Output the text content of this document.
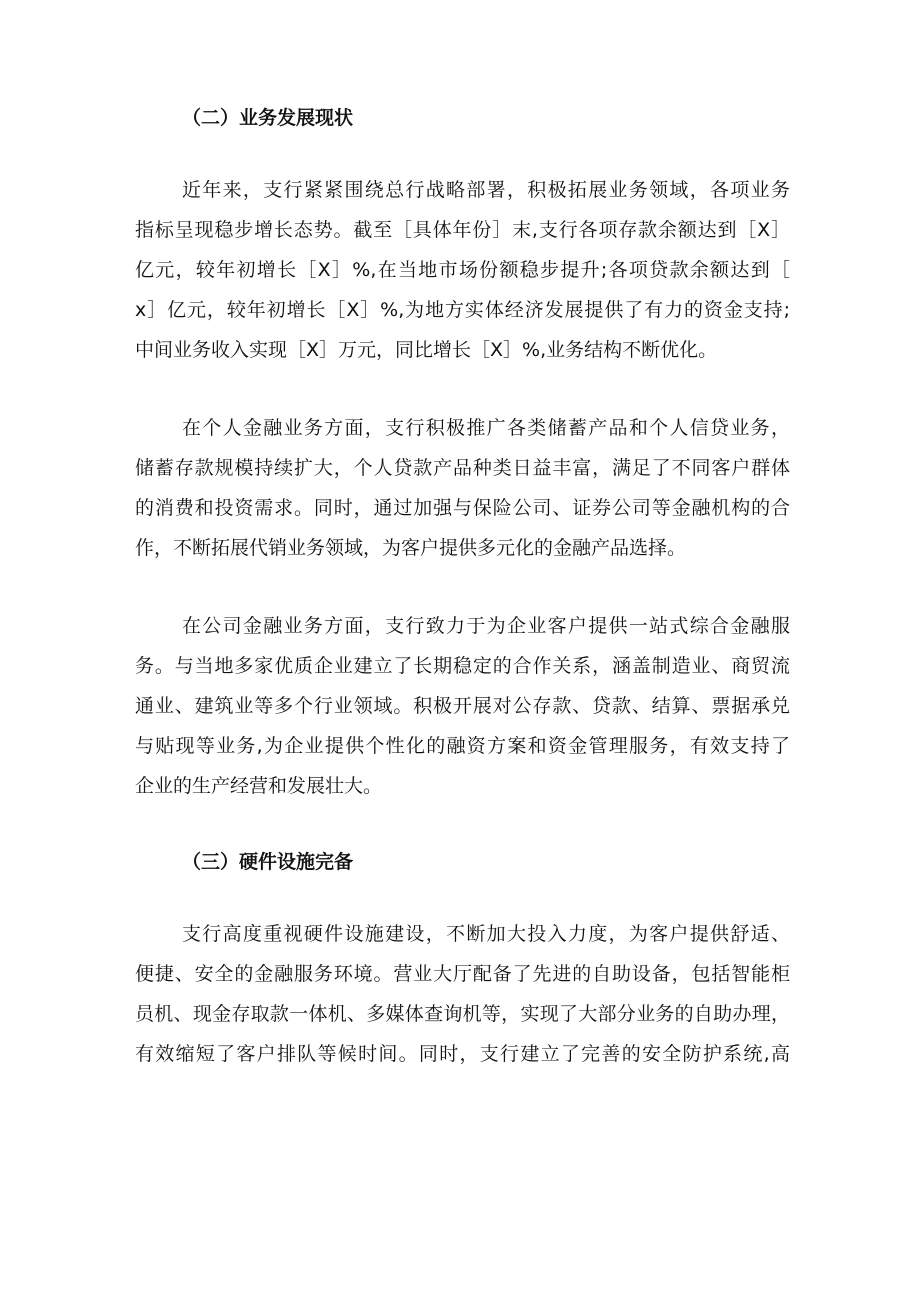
（二）业务发展现状
近年来，支行紧紧围绕总行战略部署，积极拓展业务领域，各项业务
指标呈现稳步增长态势。截至［具体年份］末,支行各项存款余额达到［X］
亿元，较年初增长［X］%,在当地市场份额稳步提升;各项贷款余额达到［
x］亿元，较年初增长［X］%,为地方实体经济发展提供了有力的资金支持;
中间业务收入实现［X］万元，同比增长［X］%,业务结构不断优化。
在个人金融业务方面，支行积极推广各类储蓄产品和个人信贷业务，
储蓄存款规模持续扩大，个人贷款产品种类日益丰富，满足了不同客户群体
的消费和投资需求。同时，通过加强与保险公司、证券公司等金融机构的合
作，不断拓展代销业务领域，为客户提供多元化的金融产品选择。
在公司金融业务方面，支行致力于为企业客户提供一站式综合金融服
务。与当地多家优质企业建立了长期稳定的合作关系，涵盖制造业、商贸流
通业、建筑业等多个行业领域。积极开展对公存款、贷款、结算、票据承兑
与贴现等业务,为企业提供个性化的融资方案和资金管理服务，有效支持了
企业的生产经营和发展壮大。
（三）硬件设施完备
支行高度重视硬件设施建设，不断加大投入力度，为客户提供舒适、
便捷、安全的金融服务环境。营业大厅配备了先进的自助设备，包括智能柜
员机、现金存取款一体机、多媒体查询机等，实现了大部分业务的自助办理，
有效缩短了客户排队等候时间。同时，支行建立了完善的安全防护系统,高
